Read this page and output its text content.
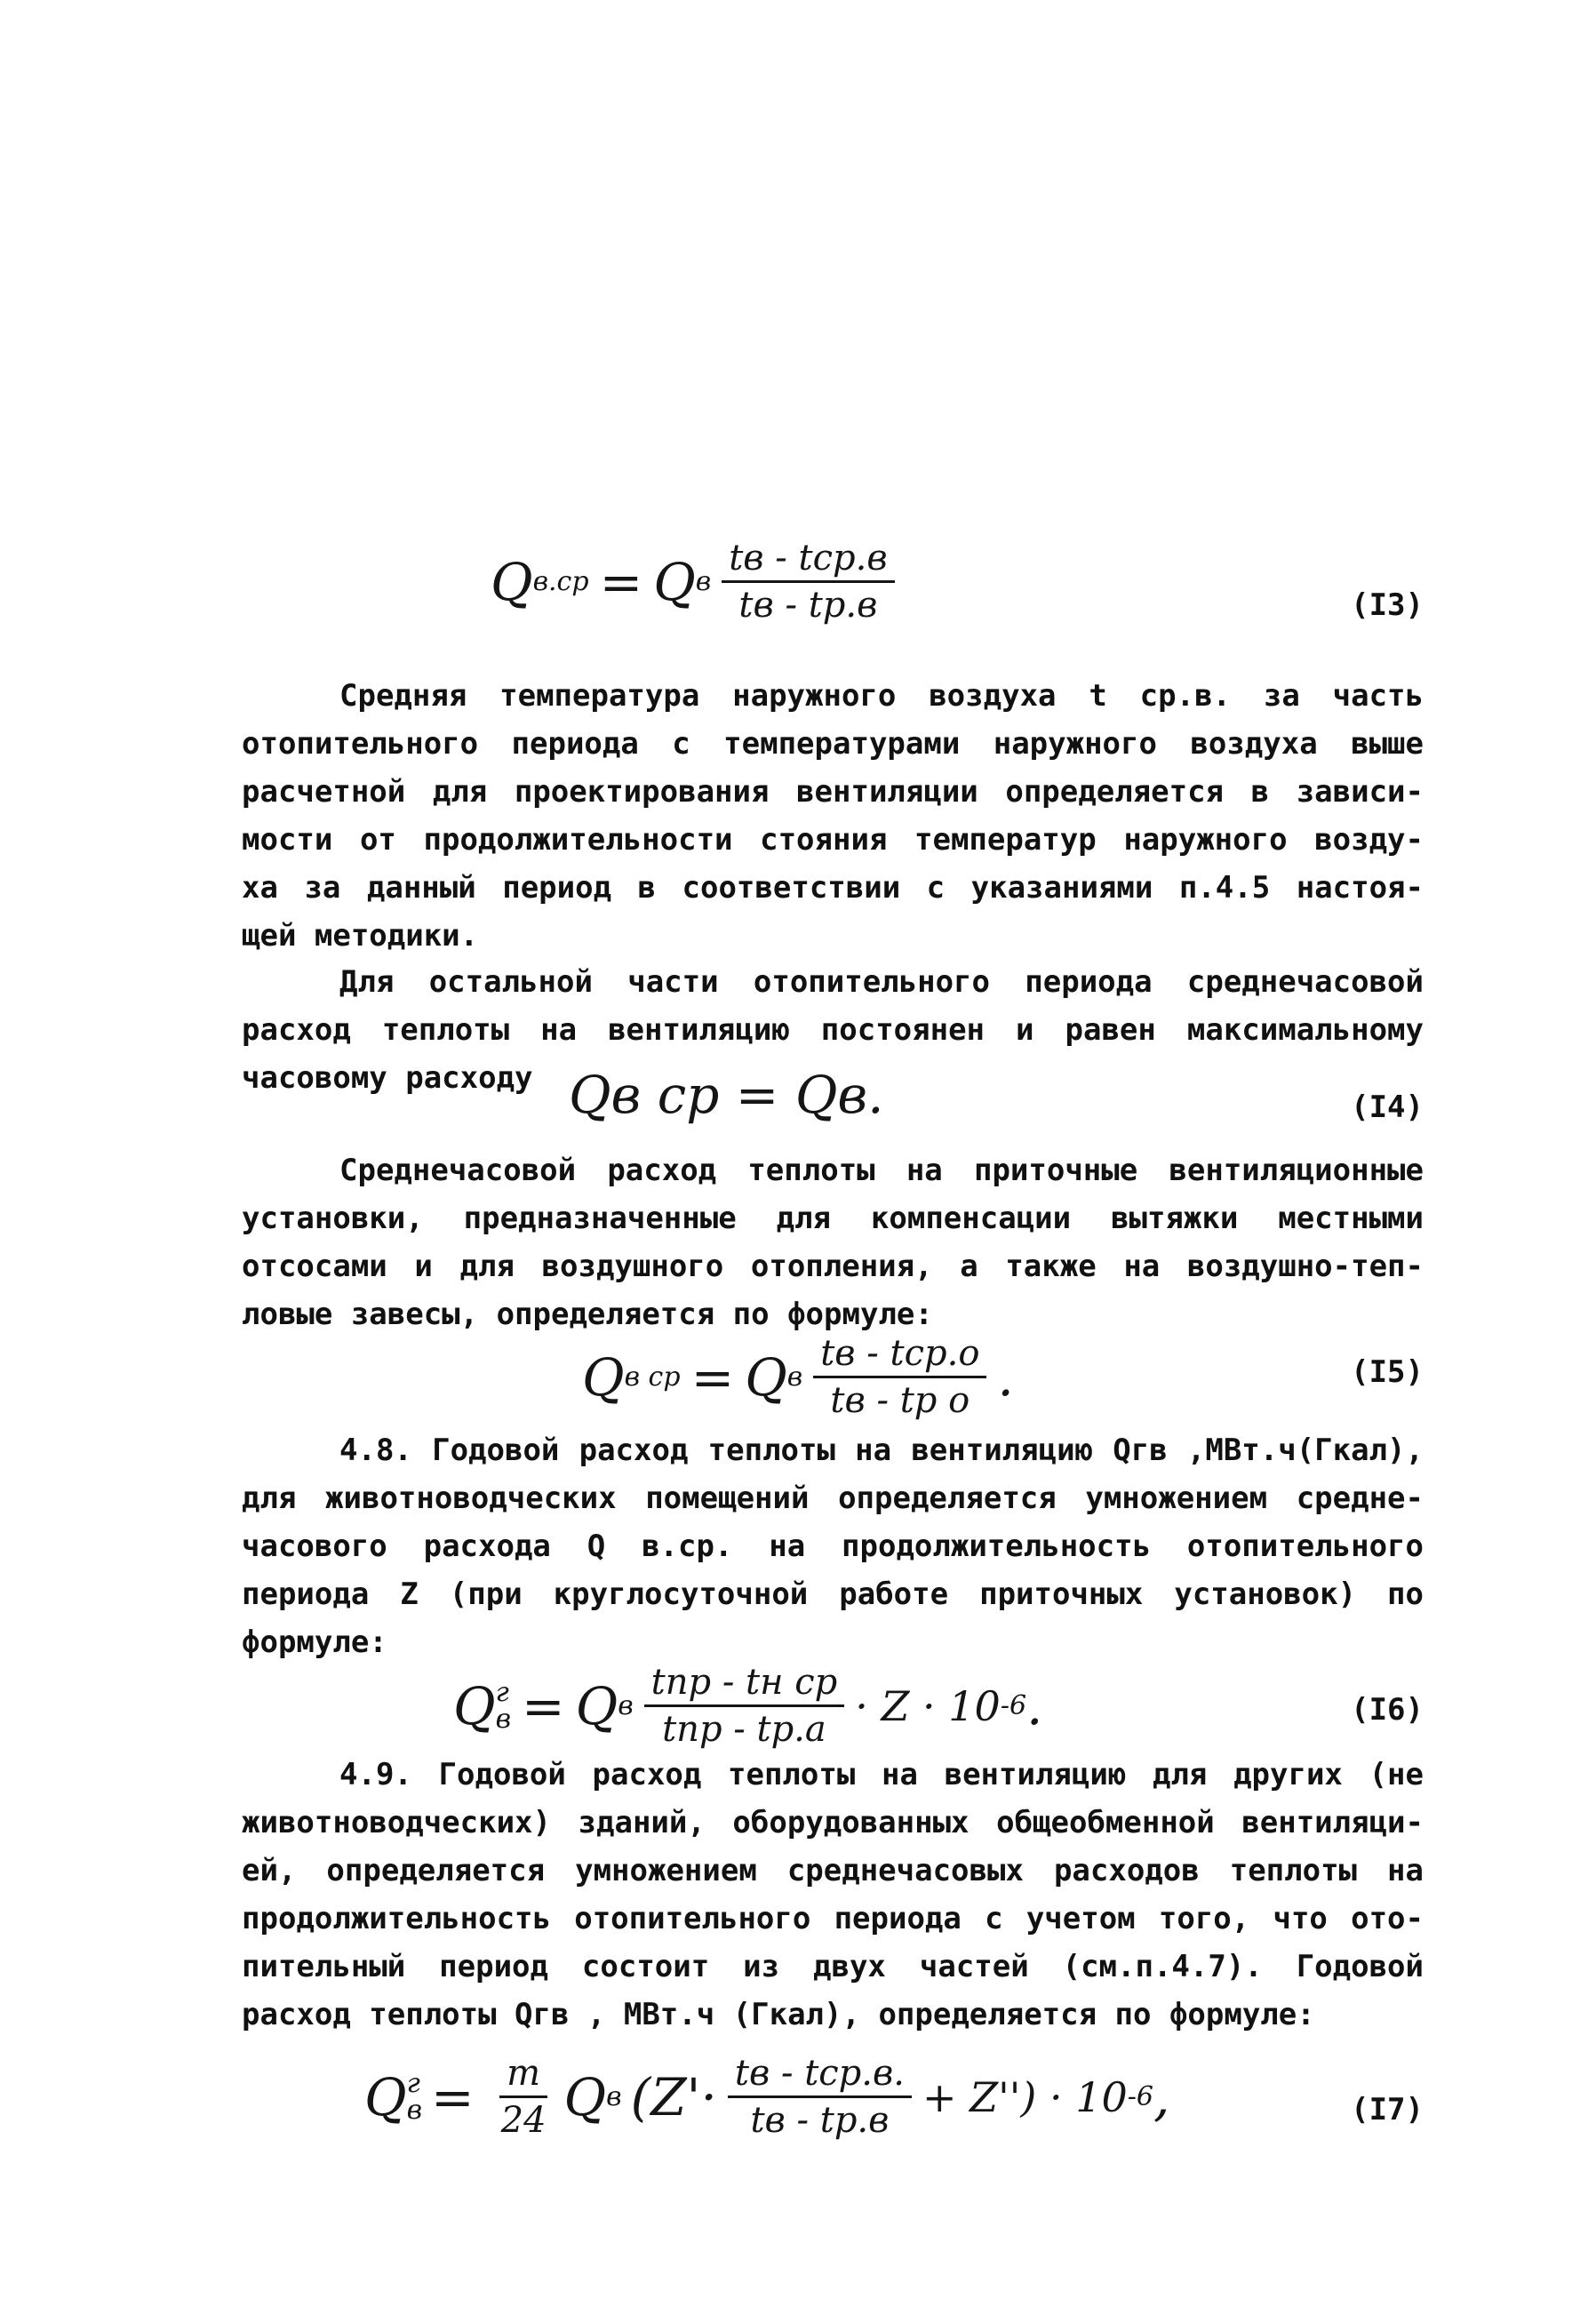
Q в.ср = Q в $\frac{\text{tв - tср.в}}{tв - tр.в}$	(I3)
Средняя температура наружного воздуха t ср.в. за часть
отопительного периода с температурами наружного воздуха выше
расчетной для проектирования вентиляции определяется в зависи-
мости от продолжительности стояния температур наружного возду-
ха за данный период в соответствии с указаниями п.4.5 настоя-
щей методики.
Для остальной части отопительного периода среднечасовой
расход теплоты на вентиляцию постоянен и равен максимальному
часовому расходу Qв ср = Qв.	(I4)
Среднечасовой расход теплоты на приточные вентиляционные
установки, предназначенные для компенсации вытяжки местными
отсосами и для воздушного отопления, а также на воздушно-теп-
ловые завесы, определяется по формуле:
Q в ср = Q в $\frac{\text{tв - tср.о}}{\text{tв - tр о}}$ .	(I5)
4.8. Годовой расход теплоты на вентиляцию Qгв ,МВт.ч(Гкал),
для животноводческих помещений определяется умножением средне-
часового расхода Q в.ср. на продолжительность отопительного
периода Z (при круглосуточной работе приточных установок) по
формуле:
Q г
в = Q в $\frac{\text{tпр - tн ср}}{\text{tпр - tр.а}} \cdot Z \cdot 10$ -6 .	(I6)
4.9. Годовой расход теплоты на вентиляцию для других (не
животноводческих) зданий, оборудованных общеобменной вентиляци-
ей, определяется умножением среднечасовых расходов теплоты на
продолжительность отопительного периода с учетом того, что ото-
пительный период состоит из двух частей (см.п.4.7). Годовой
расход теплоты Qгв , МВт.ч (Гкал), определяется по формуле:
Q г
$в = \frac{m}{24}$ Q в $(Z'\cdot \frac{\text{tв - tср.в.}}{tв - tр.в} + Z'') \cdot 10$ -6 ,	(I7)
